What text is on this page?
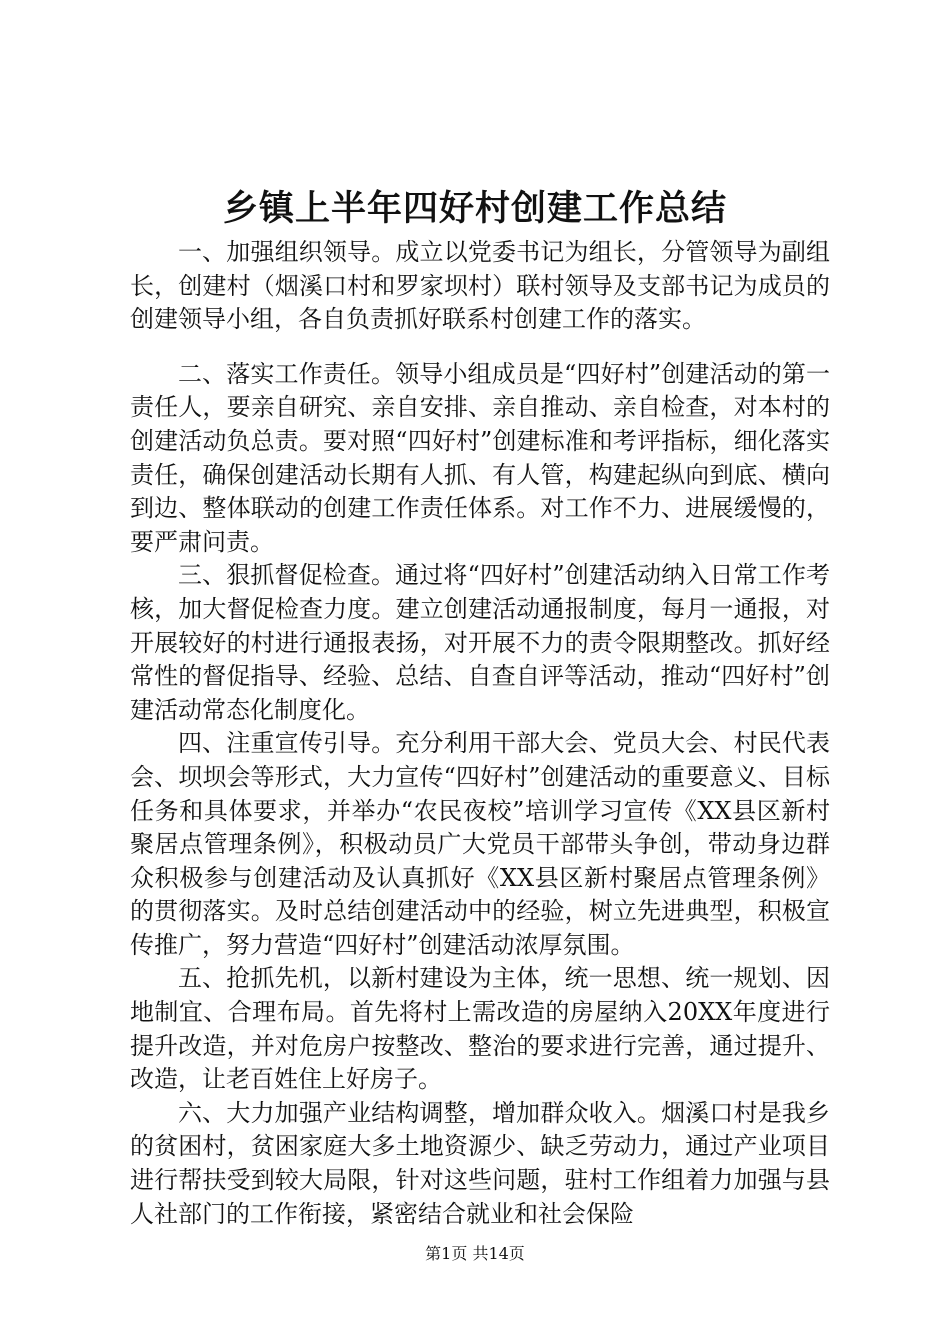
乡镇上半年四好村创建工作总结

一、加强组织领导。成立以党委书记为组长，分管领导为副组长，创建村（烟溪口村和罗家坝村）联村领导及支部书记为成员的创建领导小组，各自负责抓好联系村创建工作的落实。

二、落实工作责任。领导小组成员是“四好村”创建活动的第一责任人，要亲自研究、亲自安排、亲自推动、亲自检查，对本村的创建活动负总责。要对照“四好村”创建标准和考评指标，细化落实责任，确保创建活动长期有人抓、有人管，构建起纵向到底、横向到边、整体联动的创建工作责任体系。对工作不力、进展缓慢的，要严肃问责。

三、狠抓督促检查。通过将“四好村”创建活动纳入日常工作考核，加大督促检查力度。建立创建活动通报制度，每月一通报，对开展较好的村进行通报表扬，对开展不力的责令限期整改。抓好经常性的督促指导、经验、总结、自查自评等活动，推动“四好村”创建活动常态化制度化。

四、注重宣传引导。充分利用干部大会、党员大会、村民代表会、坝坝会等形式，大力宣传“四好村”创建活动的重要意义、目标任务和具体要求，并举办“农民夜校”培训学习宣传《XX县区新村聚居点管理条例》，积极动员广大党员干部带头争创，带动身边群众积极参与创建活动及认真抓好《XX县区新村聚居点管理条例》的贯彻落实。及时总结创建活动中的经验，树立先进典型，积极宣传推广，努力营造“四好村”创建活动浓厚氛围。

五、抢抓先机，以新村建设为主体，统一思想、统一规划、因地制宜、合理布局。首先将村上需改造的房屋纳入20XX年度进行提升改造，并对危房户按整改、整治的要求进行完善，通过提升、改造，让老百姓住上好房子。

六、大力加强产业结构调整，增加群众收入。烟溪口村是我乡的贫困村，贫困家庭大多土地资源少、缺乏劳动力，通过产业项目进行帮扶受到较大局限，针对这些问题，驻村工作组着力加强与县人社部门的工作衔接，紧密结合就业和社会保险

第1页 共14页
